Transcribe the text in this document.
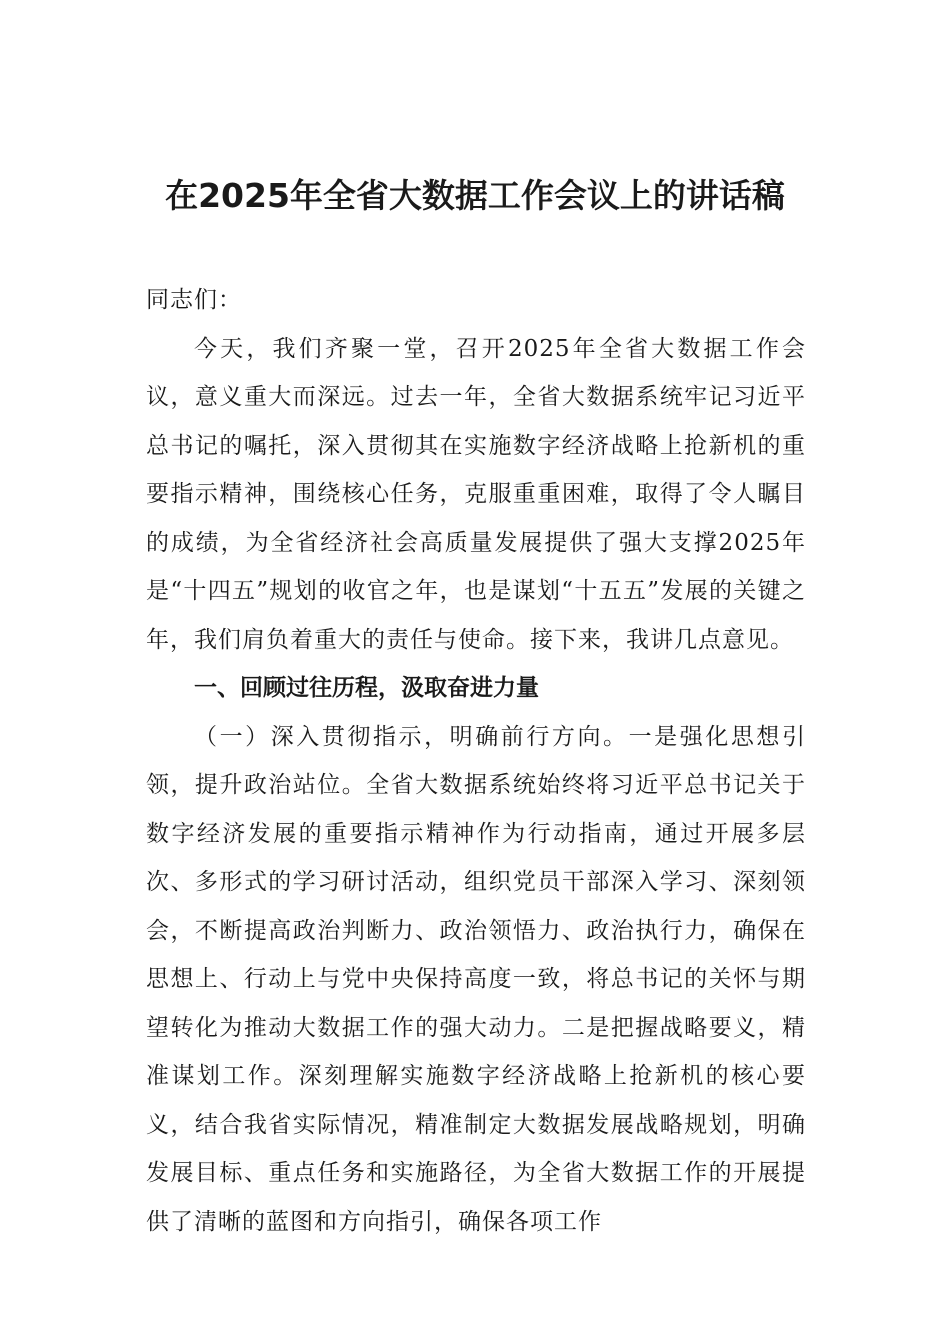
在2025年全省大数据工作会议上的讲话稿

同志们：

今天，我们齐聚一堂，召开2025年全省大数据工作会议，意义重大而深远。过去一年，全省大数据系统牢记习近平总书记的嘱托，深入贯彻其在实施数字经济战略上抢新机的重要指示精神，围绕核心任务，克服重重困难，取得了令人瞩目的成绩，为全省经济社会高质量发展提供了强大支撑2025年是“十四五”规划的收官之年，也是谋划“十五五”发展的关键之年，我们肩负着重大的责任与使命。接下来，我讲几点意见。

一、回顾过往历程，汲取奋进力量

（一）深入贯彻指示，明确前行方向。一是强化思想引领，提升政治站位。全省大数据系统始终将习近平总书记关于数字经济发展的重要指示精神作为行动指南，通过开展多层次、多形式的学习研讨活动，组织党员干部深入学习、深刻领会，不断提高政治判断力、政治领悟力、政治执行力，确保在思想上、行动上与党中央保持高度一致，将总书记的关怀与期望转化为推动大数据工作的强大动力。二是把握战略要义，精准谋划工作。深刻理解实施数字经济战略上抢新机的核心要义，结合我省实际情况，精准制定大数据发展战略规划，明确发展目标、重点任务和实施路径，为全省大数据工作的开展提供了清晰的蓝图和方向指引，确保各项工作
